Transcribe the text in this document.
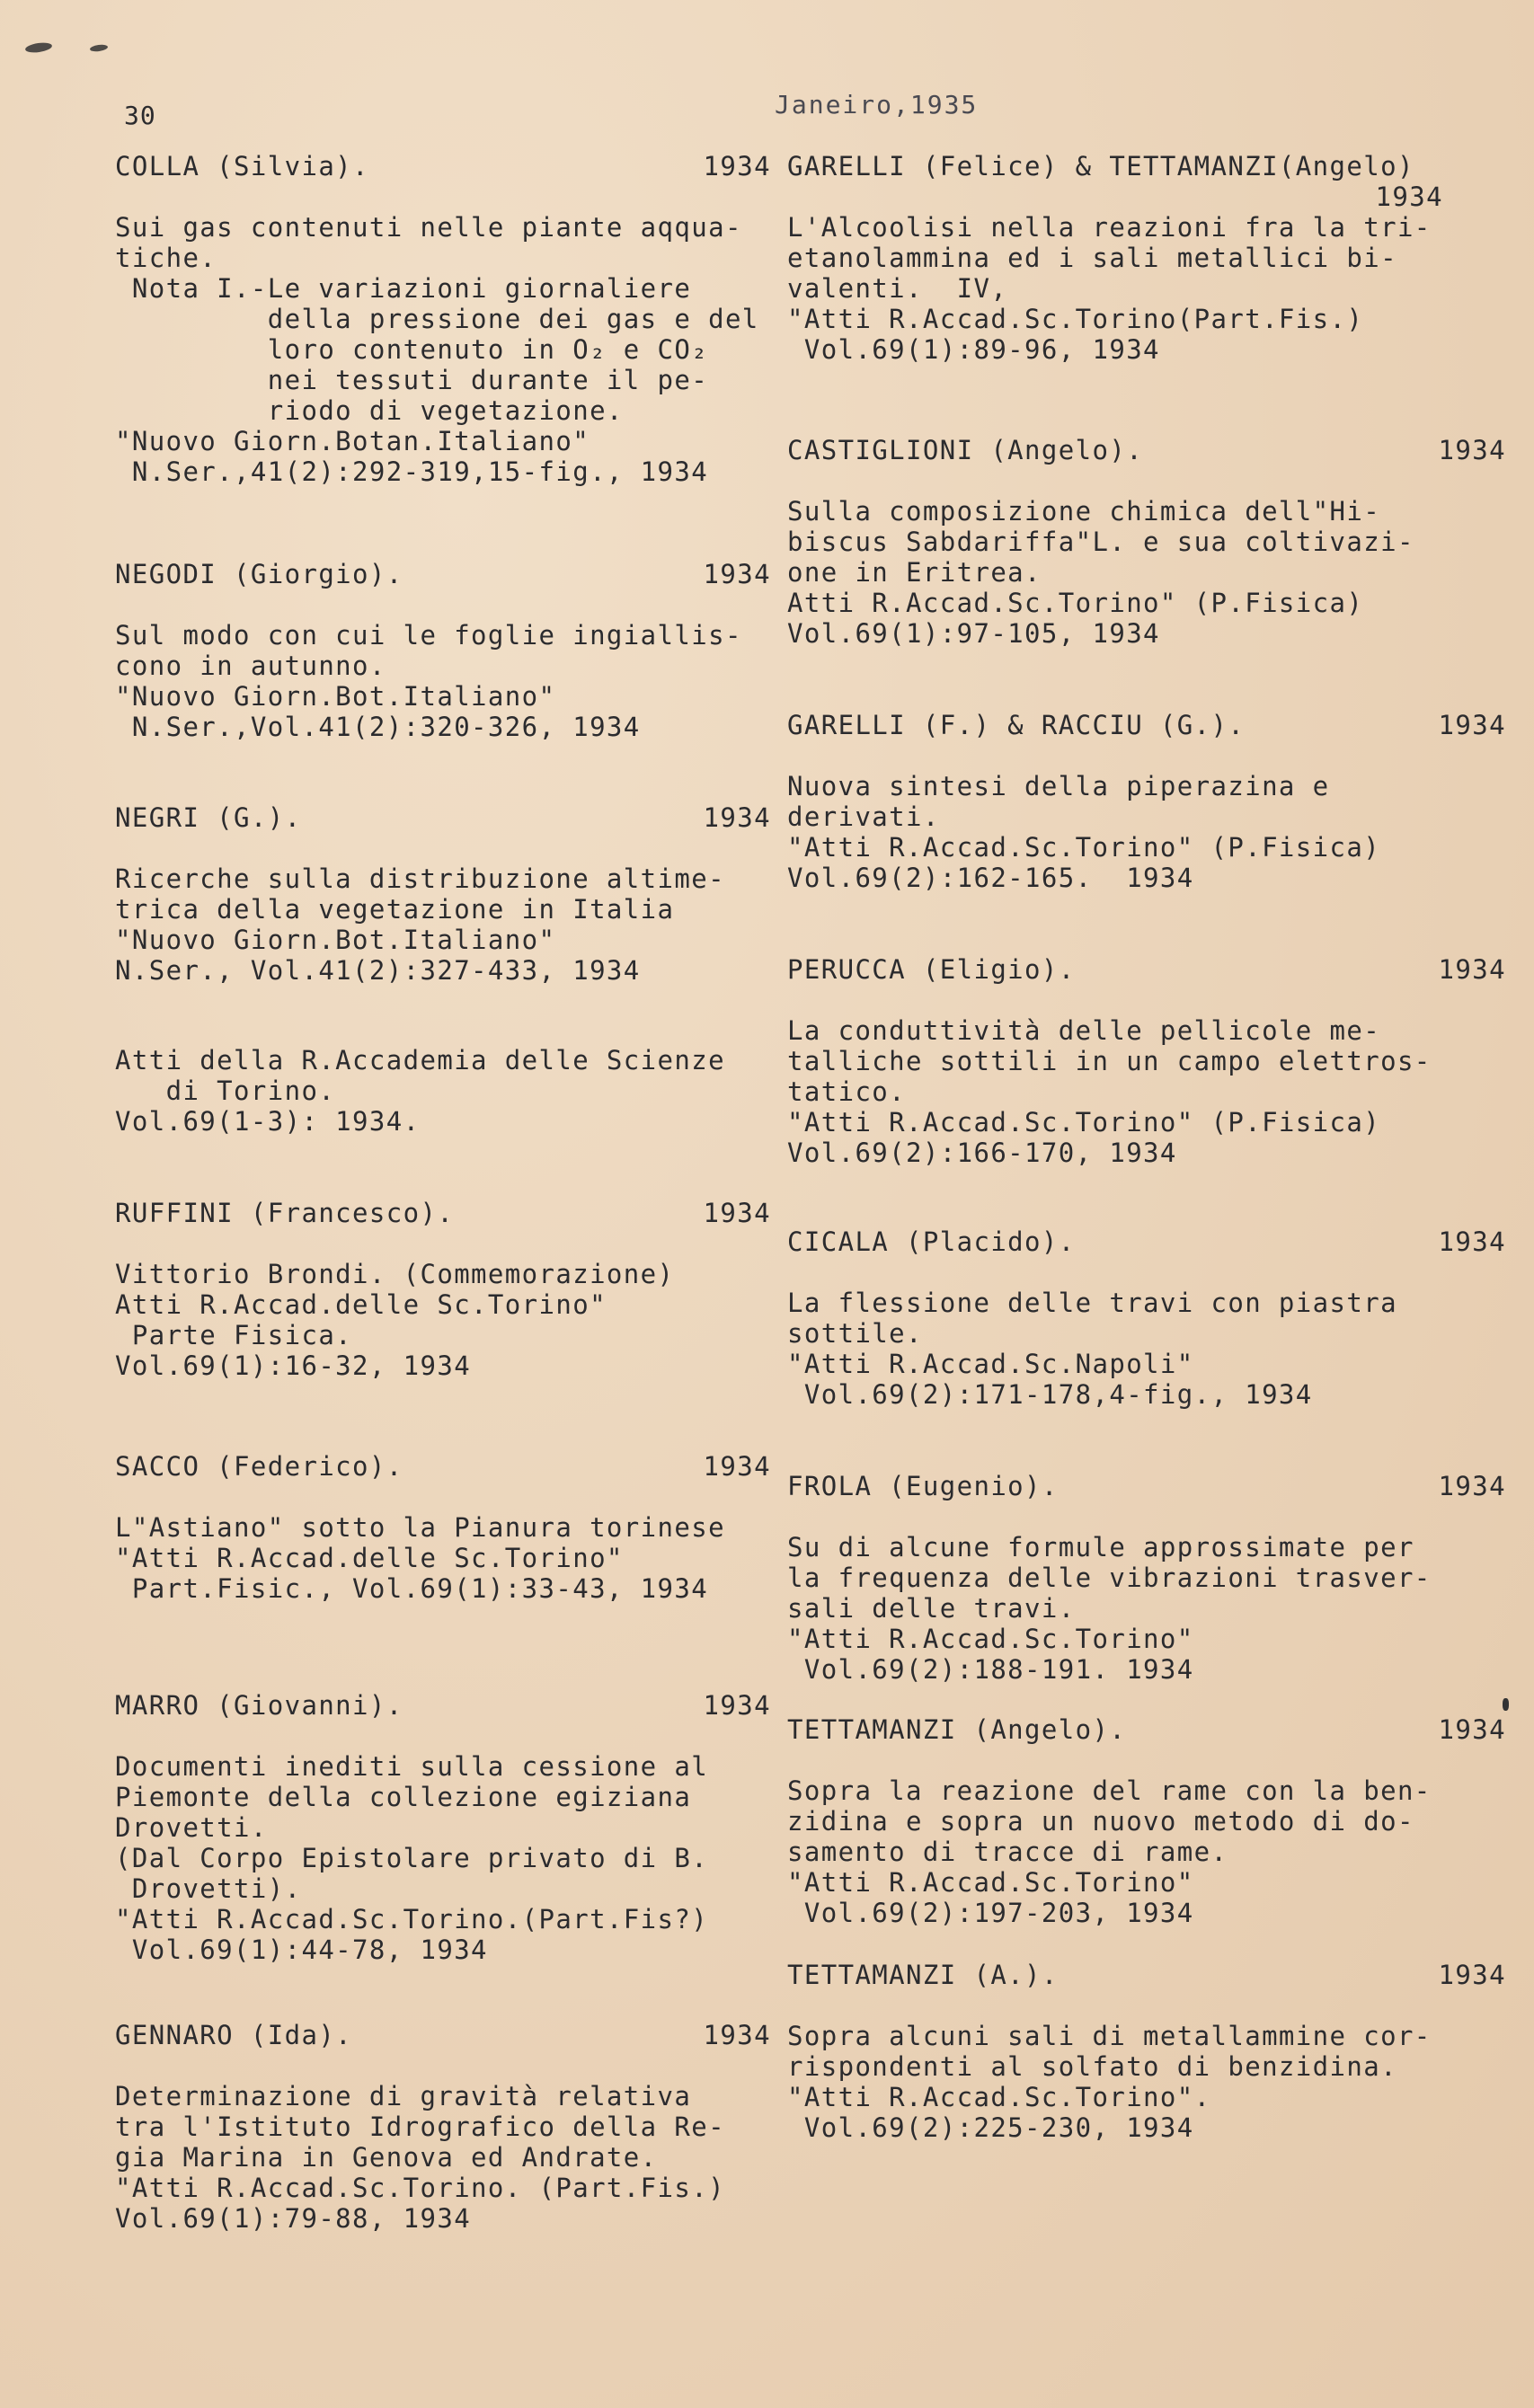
30	Janeiro,1935
COLLA (Silvia).	1934
Sui gas contenuti nelle piante aqqua-
tiche.
Nota I.-Le variazioni giornaliere
della pressione dei gas e del
loro contenuto in O₂ e CO₂
nei tessuti durante il pe-
riodo di vegetazione.
"Nuovo Giorn.Botan.Italiano"
N.Ser.,41(2):292-319,15-fig., 1934
NEGODI (Giorgio).	1934
Sul modo con cui le foglie ingiallis-
cono in autunno.
"Nuovo Giorn.Bot.Italiano"
N.Ser.,Vol.41(2):320-326, 1934
NEGRI (G.).	1934
Ricerche sulla distribuzione altime-
trica della vegetazione in Italia
"Nuovo Giorn.Bot.Italiano"
N.Ser., Vol.41(2):327-433, 1934
Atti della R.Accademia delle Scienze
di Torino.
Vol.69(1-3): 1934.
RUFFINI (Francesco).	1934
Vittorio Brondi. (Commemorazione)
Atti R.Accad.delle Sc.Torino"
Parte Fisica.
Vol.69(1):16-32, 1934
SACCO (Federico).	1934
L"Astiano" sotto la Pianura torinese
"Atti R.Accad.delle Sc.Torino"
Part.Fisic., Vol.69(1):33-43, 1934
MARRO (Giovanni).	1934
Documenti inediti sulla cessione al
Piemonte della collezione egiziana
Drovetti.
(Dal Corpo Epistolare privato di B.
Drovetti).
"Atti R.Accad.Sc.Torino.(Part.Fis?)
Vol.69(1):44-78, 1934
GENNARO (Ida).	1934
Determinazione di gravità relativa
tra l'Istituto Idrografico della Re-
gia Marina in Genova ed Andrate.
"Atti R.Accad.Sc.Torino. (Part.Fis.)
Vol.69(1):79-88, 1934
GARELLI (Felice) & TETTAMANZI(Angelo)
1934
L'Alcoolisi nella reazioni fra la tri-
etanolammina ed i sali metallici bi-
valenti.  IV,
"Atti R.Accad.Sc.Torino(Part.Fis.)
Vol.69(1):89-96, 1934
CASTIGLIONI (Angelo).	1934
Sulla composizione chimica dell"Hi-
biscus Sabdariffa"L. e sua coltivazi-
one in Eritrea.
Atti R.Accad.Sc.Torino" (P.Fisica)
Vol.69(1):97-105, 1934
GARELLI (F.) & RACCIU (G.).	1934
Nuova sintesi della piperazina e
derivati.
"Atti R.Accad.Sc.Torino" (P.Fisica)
Vol.69(2):162-165.  1934
PERUCCA (Eligio).	1934
La conduttività delle pellicole me-
talliche sottili in un campo elettros-
tatico.
"Atti R.Accad.Sc.Torino" (P.Fisica)
Vol.69(2):166-170, 1934
CICALA (Placido).	1934
La flessione delle travi con piastra
sottile.
"Atti R.Accad.Sc.Napoli"
Vol.69(2):171-178,4-fig., 1934
FROLA (Eugenio).	1934
Su di alcune formule approssimate per
la frequenza delle vibrazioni trasver-
sali delle travi.
"Atti R.Accad.Sc.Torino"
Vol.69(2):188-191. 1934
TETTAMANZI (Angelo).	1934
Sopra la reazione del rame con la ben-
zidina e sopra un nuovo metodo di do-
samento di tracce di rame.
"Atti R.Accad.Sc.Torino"
Vol.69(2):197-203, 1934
TETTAMANZI (A.).	1934
Sopra alcuni sali di metallammine cor-
rispondenti al solfato di benzidina.
"Atti R.Accad.Sc.Torino".
Vol.69(2):225-230, 1934
